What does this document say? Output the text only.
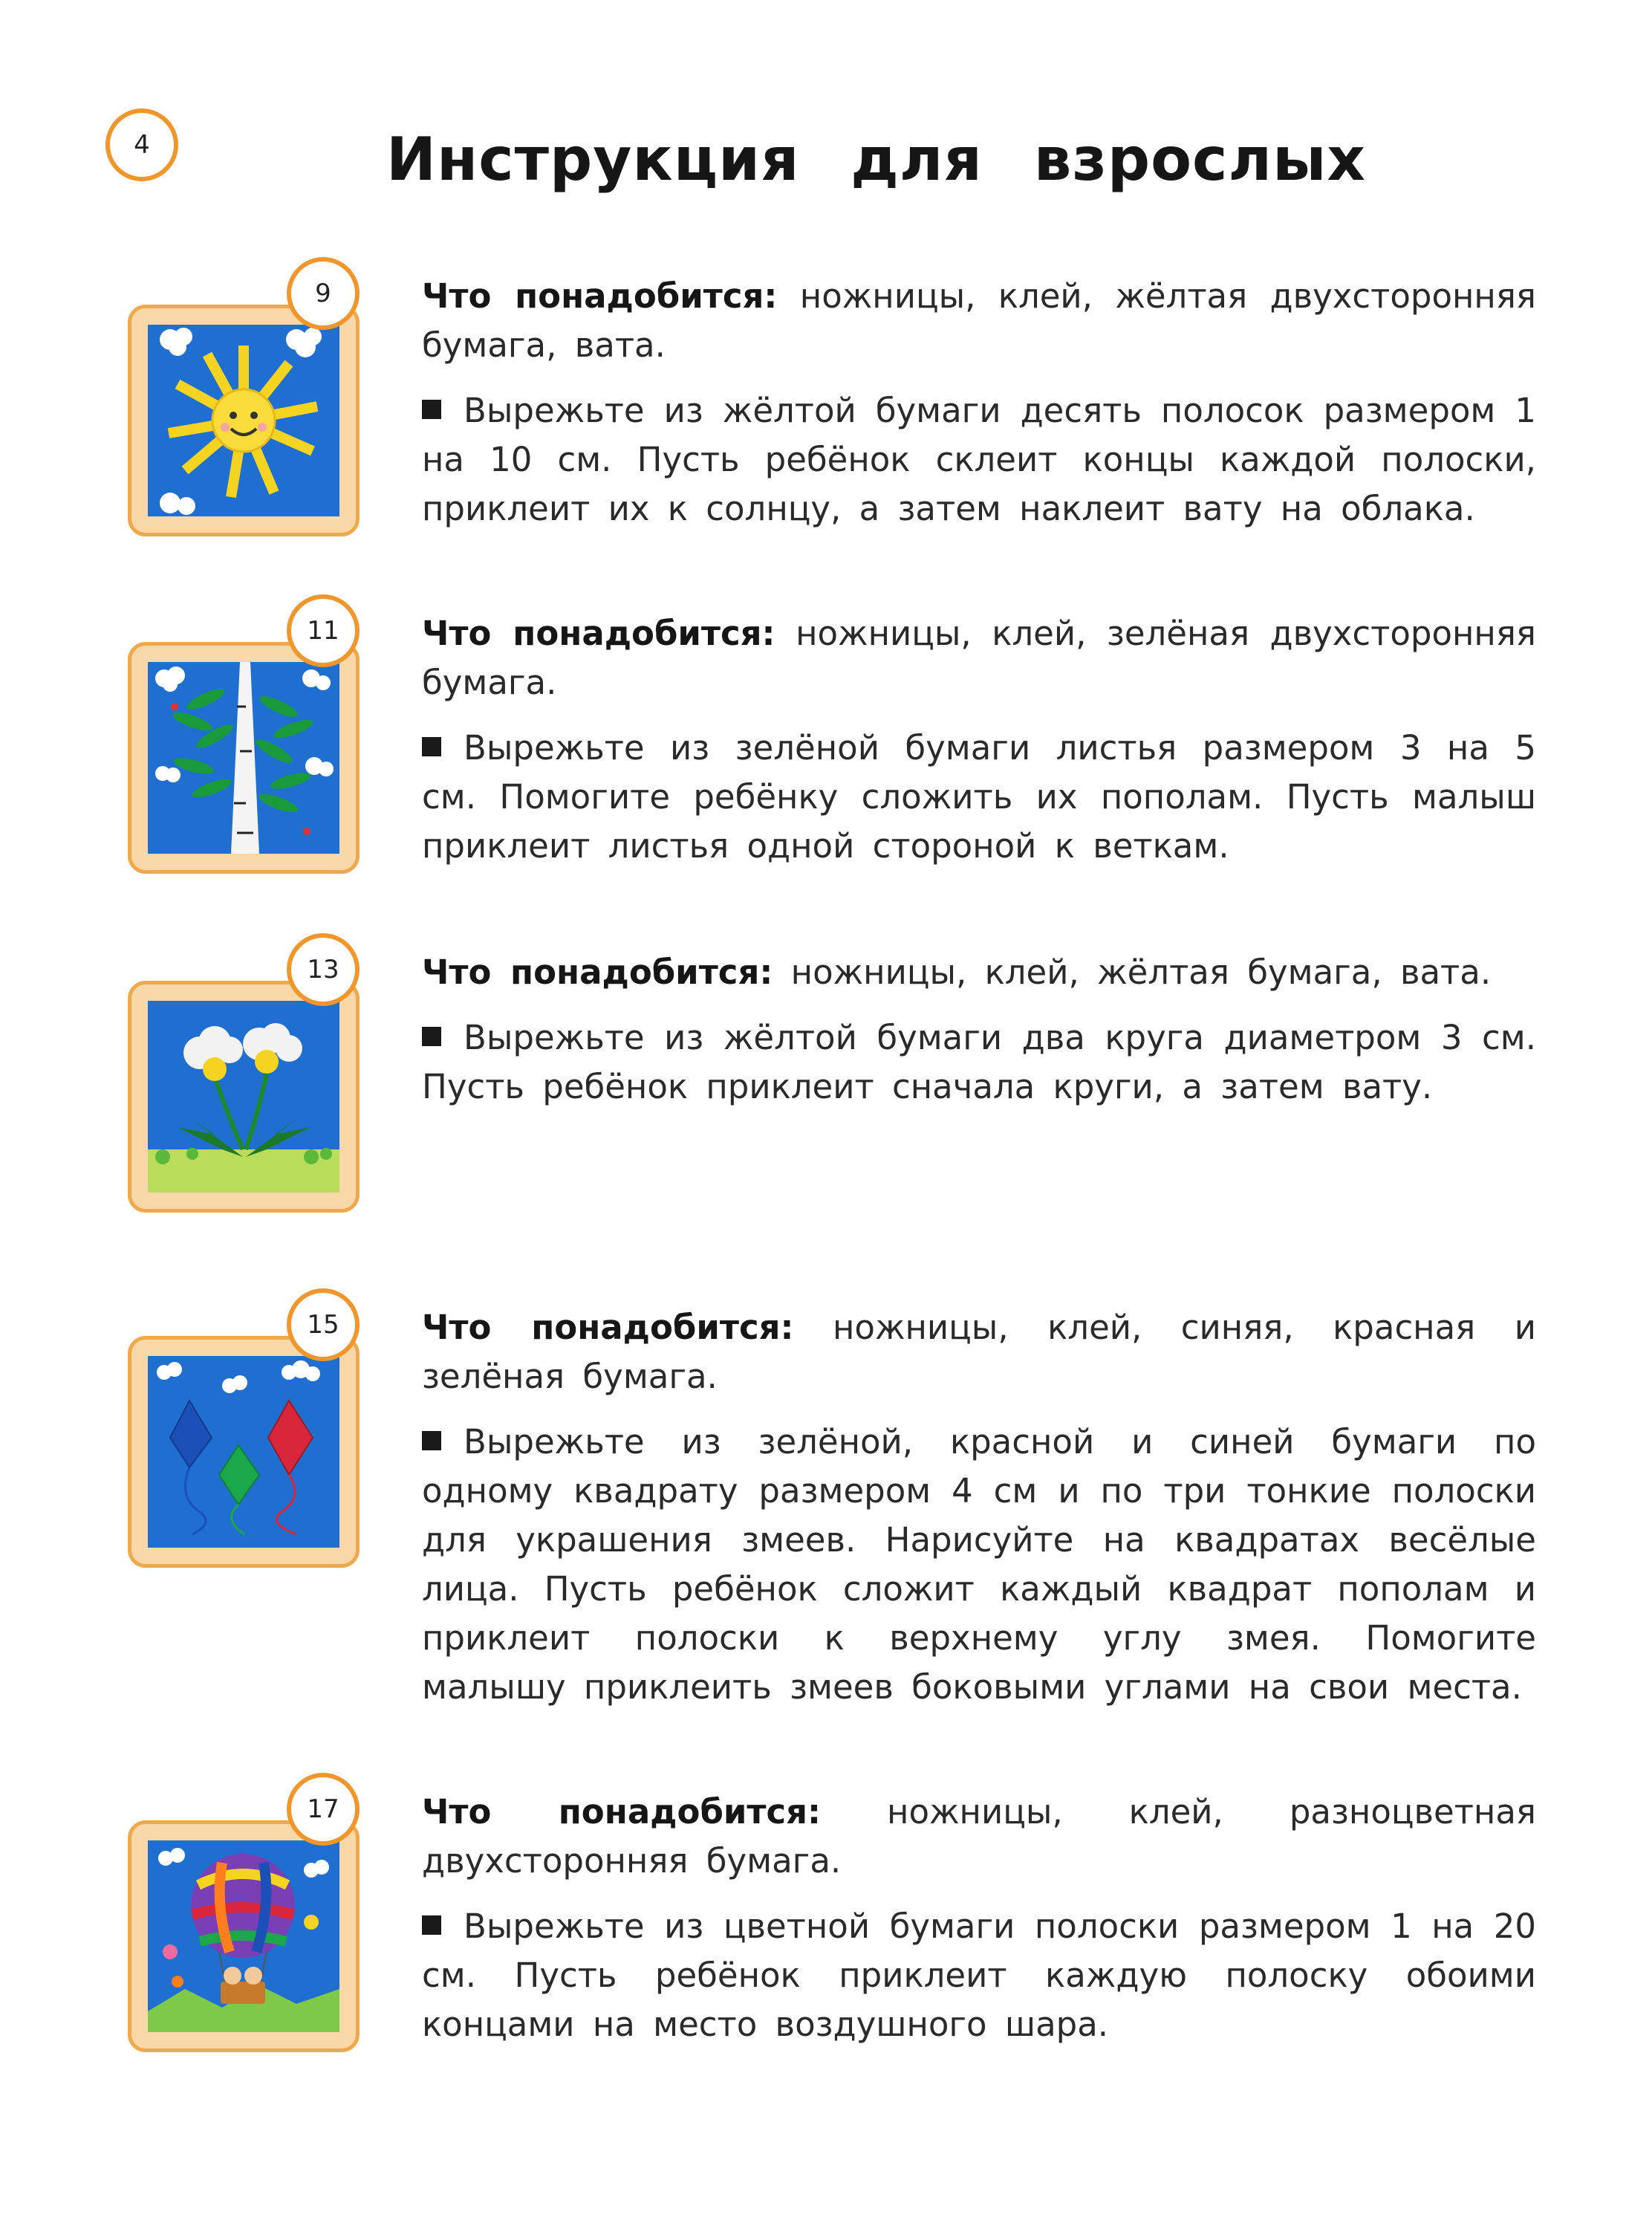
4	Инструкция для взрослых
9	Что понадобится: ножницы, клей, жёлтая двухсторонняя бумага, вата.

Вырежьте из жёлтой бумаги десять полосок размером 1 на 10 см. Пусть ребёнок склеит концы каждой полоски, приклеит их к солнцу, а затем наклеит вату на облака.

11	Что понадобится: ножницы, клей, зелёная двухсторонняя бумага.

Вырежьте из зелёной бумаги листья размером 3 на 5 см. Помогите ребёнку сложить их пополам. Пусть малыш приклеит листья одной стороной к веткам.

13	Что понадобится: ножницы, клей, жёлтая бумага, вата.

Вырежьте из жёлтой бумаги два круга диаметром 3 см. Пусть ребёнок приклеит сначала круги, а затем вату.

15	Что понадобится: ножницы, клей, синяя, красная и зелёная бумага.

Вырежьте из зелёной, красной и синей бумаги по одному квадрату размером 4 см и по три тонкие полоски для украшения змеев. Нарисуйте на квадратах весёлые лица. Пусть ребёнок сложит каждый квадрат пополам и приклеит полоски к верхнему углу змея. Помогите малышу приклеить змеев боковыми углами на свои места.

17	Что понадобится: ножницы, клей, разноцветная двухсторонняя бумага.

Вырежьте из цветной бумаги полоски размером 1 на 20 см. Пусть ребёнок приклеит каждую полоску обоими концами на место воздушного шара.
